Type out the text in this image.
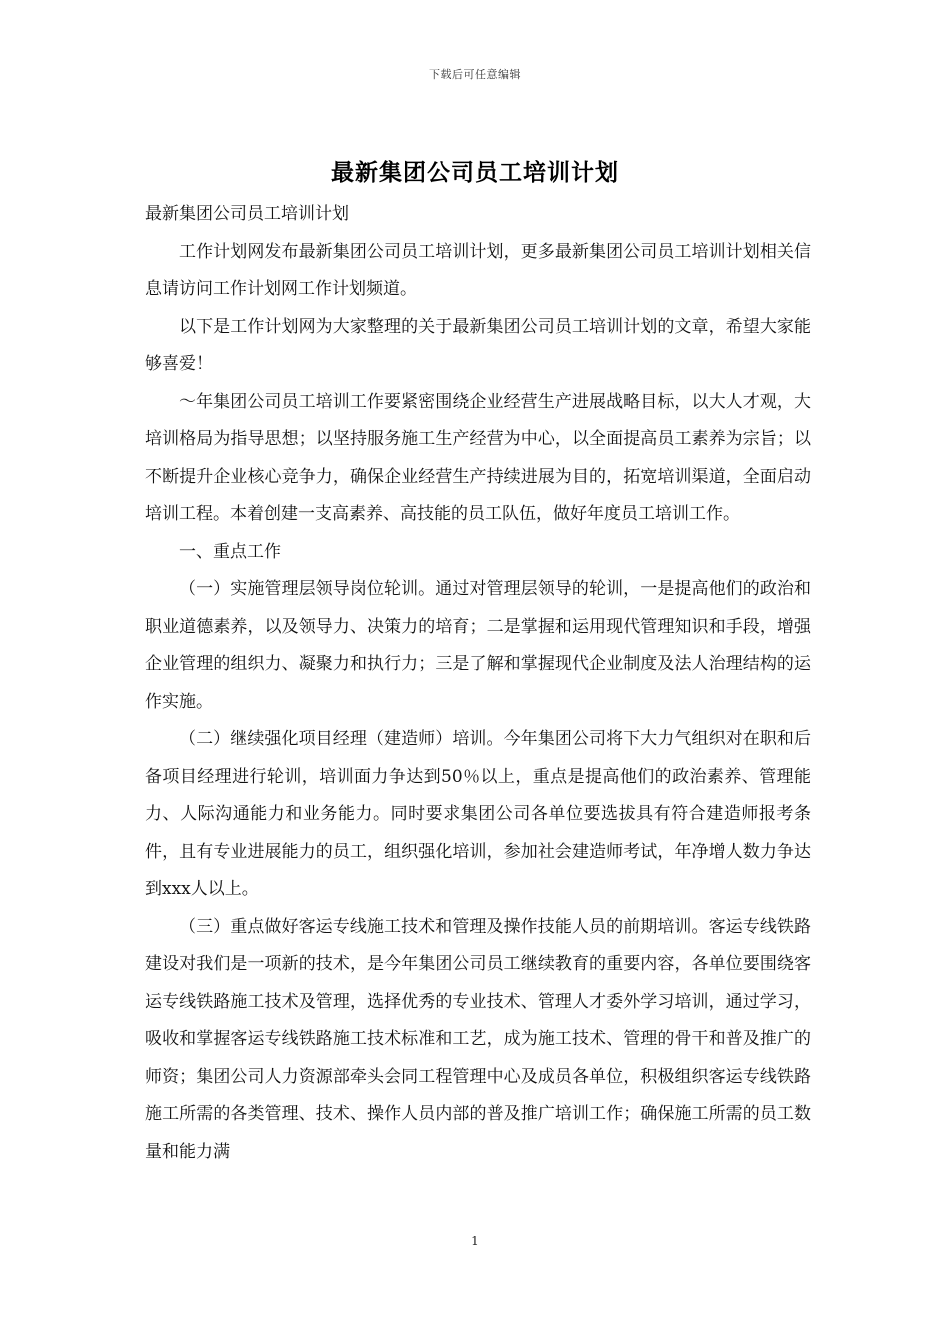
下载后可任意编辑
最新集团公司员工培训计划

最新集团公司员工培训计划

工作计划网发布最新集团公司员工培训计划，更多最新集团公司员工培训计划相关信息请访问工作计划网工作计划频道。

以下是工作计划网为大家整理的关于最新集团公司员工培训计划的文章，希望大家能够喜爱！

～年集团公司员工培训工作要紧密围绕企业经营生产进展战略目标，以大人才观，大培训格局为指导思想；以坚持服务施工生产经营为中心，以全面提高员工素养为宗旨；以不断提升企业核心竞争力，确保企业经营生产持续进展为目的，拓宽培训渠道，全面启动培训工程。本着创建一支高素养、高技能的员工队伍，做好年度员工培训工作。

一、重点工作

（一）实施管理层领导岗位轮训。通过对管理层领导的轮训，一是提高他们的政治和职业道德素养，以及领导力、决策力的培育；二是掌握和运用现代管理知识和手段，增强企业管理的组织力、凝聚力和执行力；三是了解和掌握现代企业制度及法人治理结构的运作实施。

（二）继续强化项目经理（建造师）培训。今年集团公司将下大力气组织对在职和后备项目经理进行轮训，培训面力争达到50％以上，重点是提高他们的政治素养、管理能力、人际沟通能力和业务能力。同时要求集团公司各单位要选拔具有符合建造师报考条件，且有专业进展能力的员工，组织强化培训，参加社会建造师考试，年净增人数力争达到xxx人以上。

（三）重点做好客运专线施工技术和管理及操作技能人员的前期培训。客运专线铁路建设对我们是一项新的技术，是今年集团公司员工继续教育的重要内容，各单位要围绕客运专线铁路施工技术及管理，选择优秀的专业技术、管理人才委外学习培训，通过学习，吸收和掌握客运专线铁路施工技术标准和工艺，成为施工技术、管理的骨干和普及推广的师资；集团公司人力资源部牵头会同工程管理中心及成员各单位，积极组织客运专线铁路施工所需的各类管理、技术、操作人员内部的普及推广培训工作；确保施工所需的员工数量和能力满

1
